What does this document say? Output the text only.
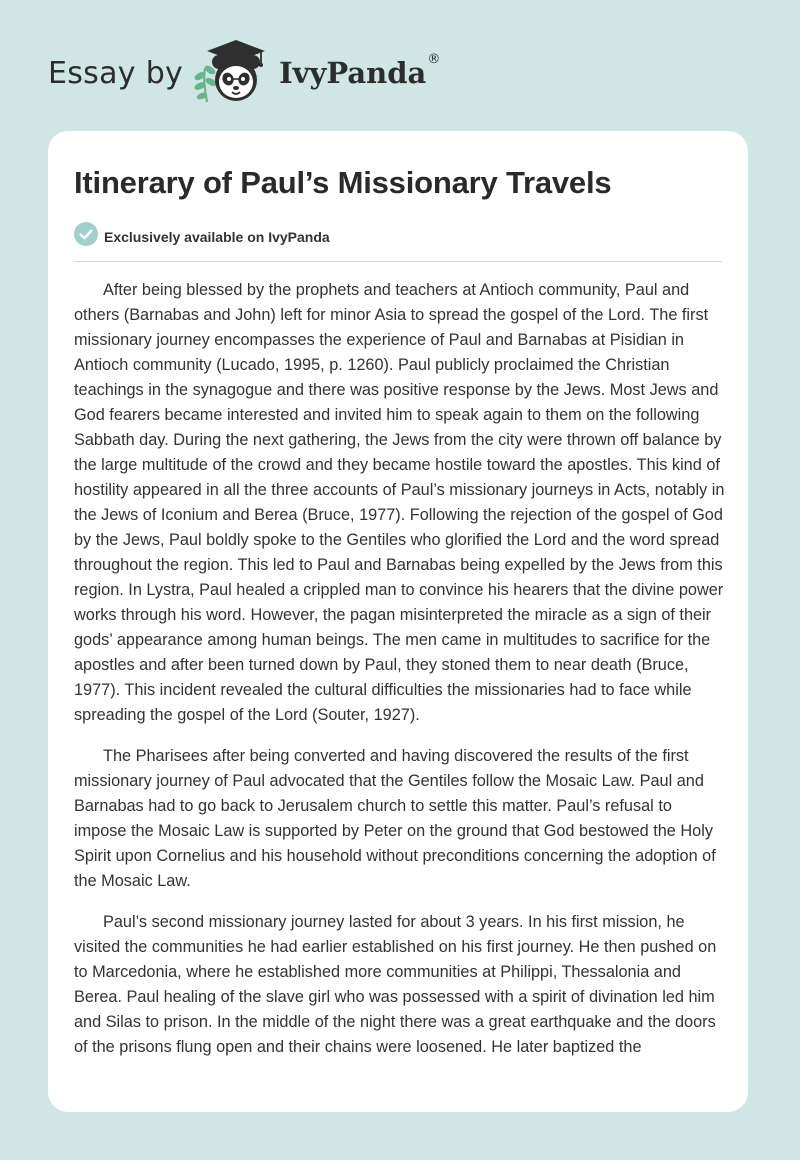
Essay by	IvyPanda ®
Itinerary of Paul’s Missionary Travels
Exclusively available on IvyPanda

After being blessed by the prophets and teachers at Antioch community, Paul and others (Barnabas and John) left for minor Asia to spread the gospel of the Lord. The first missionary journey encompasses the experience of Paul and Barnabas at Pisidian in Antioch community (Lucado, 1995, p. 1260). Paul publicly proclaimed the Christian teachings in the synagogue and there was positive response by the Jews. Most Jews and God fearers became interested and invited him to speak again to them on the following Sabbath day. During the next gathering, the Jews from the city were thrown off balance by the large multitude of the crowd and they became hostile toward the apostles. This kind of hostility appeared in all the three accounts of Paul’s missionary journeys in Acts, notably in the Jews of Iconium and Berea (Bruce, 1977). Following the rejection of the gospel of God by the Jews, Paul boldly spoke to the Gentiles who glorified the Lord and the word spread throughout the region. This led to Paul and Barnabas being expelled by the Jews from this region. In Lystra, Paul healed a crippled man to convince his hearers that the divine power works through his word. However, the pagan misinterpreted the miracle as a sign of their gods’ appearance among human beings. The men came in multitudes to sacrifice for the apostles and after been turned down by Paul, they stoned them to near death (Bruce, 1977). This incident revealed the cultural difficulties the missionaries had to face while spreading the gospel of the Lord (Souter, 1927).

The Pharisees after being converted and having discovered the results of the first missionary journey of Paul advocated that the Gentiles follow the Mosaic Law. Paul and Barnabas had to go back to Jerusalem church to settle this matter. Paul’s refusal to impose the Mosaic Law is supported by Peter on the ground that God bestowed the Holy Spirit upon Cornelius and his household without preconditions concerning the adoption of the Mosaic Law.

Paul’s second missionary journey lasted for about 3 years. In his first mission, he visited the communities he had earlier established on his first journey. He then pushed on to Marcedonia, where he established more communities at Philippi, Thessalonia and Berea. Paul healing of the slave girl who was possessed with a spirit of divination led him and Silas to prison. In the middle of the night there was a great earthquake and the doors of the prisons flung open and their chains were loosened. He later baptized the
